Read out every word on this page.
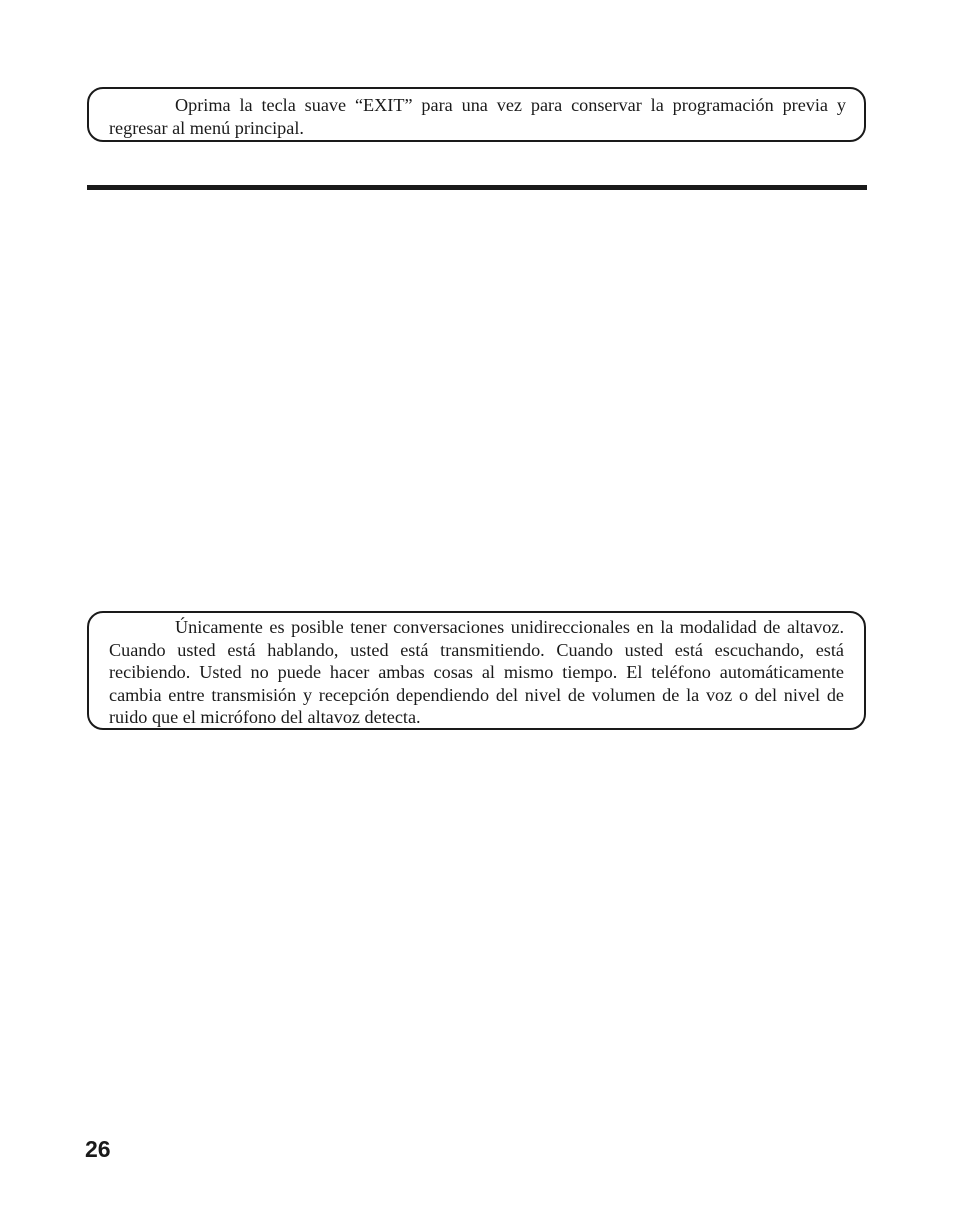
Oprima la tecla suave “EXIT” para una vez para conservar la programación previa y regresar al menú principal.

Únicamente es posible tener conversaciones unidireccionales en la modalidad de altavoz. Cuando usted está hablando, usted está transmitiendo. Cuando usted está escuchando, está recibiendo. Usted no puede hacer ambas cosas al mismo tiempo. El teléfono automáticamente cambia entre transmisión y recepción dependiendo del nivel de volumen de la voz o del nivel de ruido que el micrófono del altavoz detecta.

26
